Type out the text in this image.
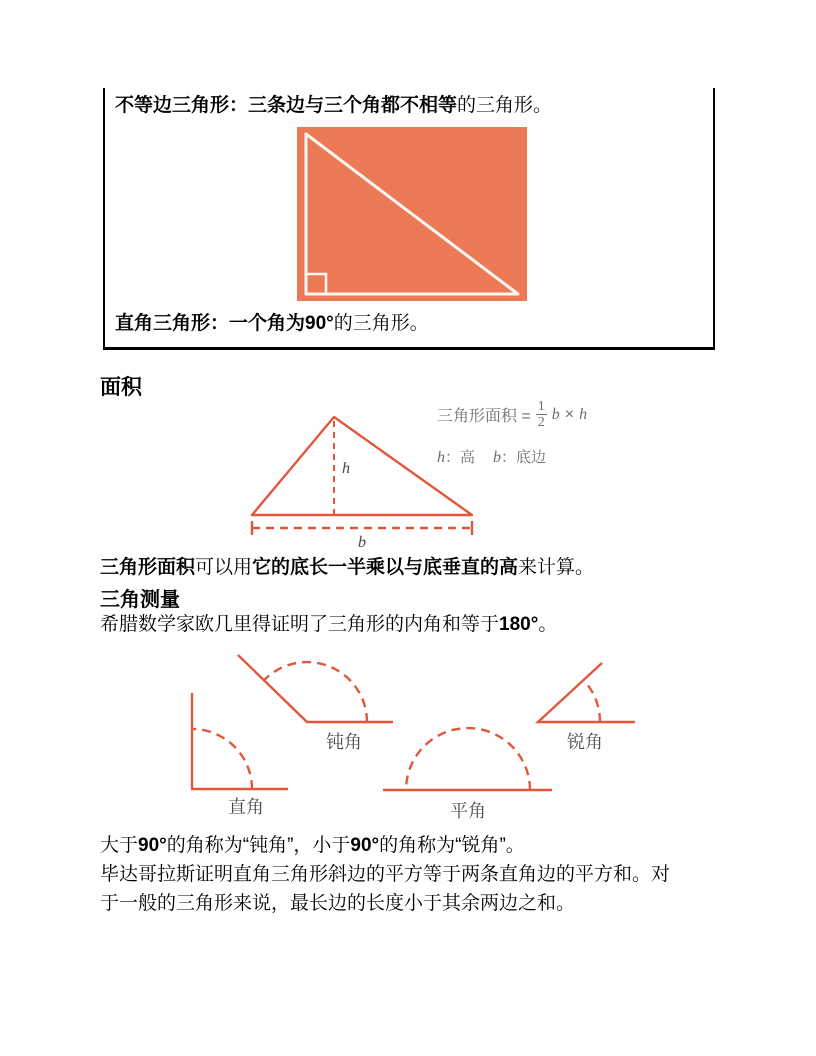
不等边三角形：三条边与三个角都不相等的三角形。
直角三角形：一个角为90°的三角形。
面积
h
b
三角形面积 = $\frac{1}{2}$ b × h
h：高 b：底边
三角形面积可以用它的底长一半乘以与底垂直的高来计算。
三角测量
希腊数学家欧几里得证明了三角形的内角和等于180°。
直角
钝角
平角
锐角
大于90°的角称为“钝角”，小于90°的角称为“锐角”。
毕达哥拉斯证明直角三角形斜边的平方等于两条直角边的平方和。对
于一般的三角形来说，最长边的长度小于其余两边之和。
